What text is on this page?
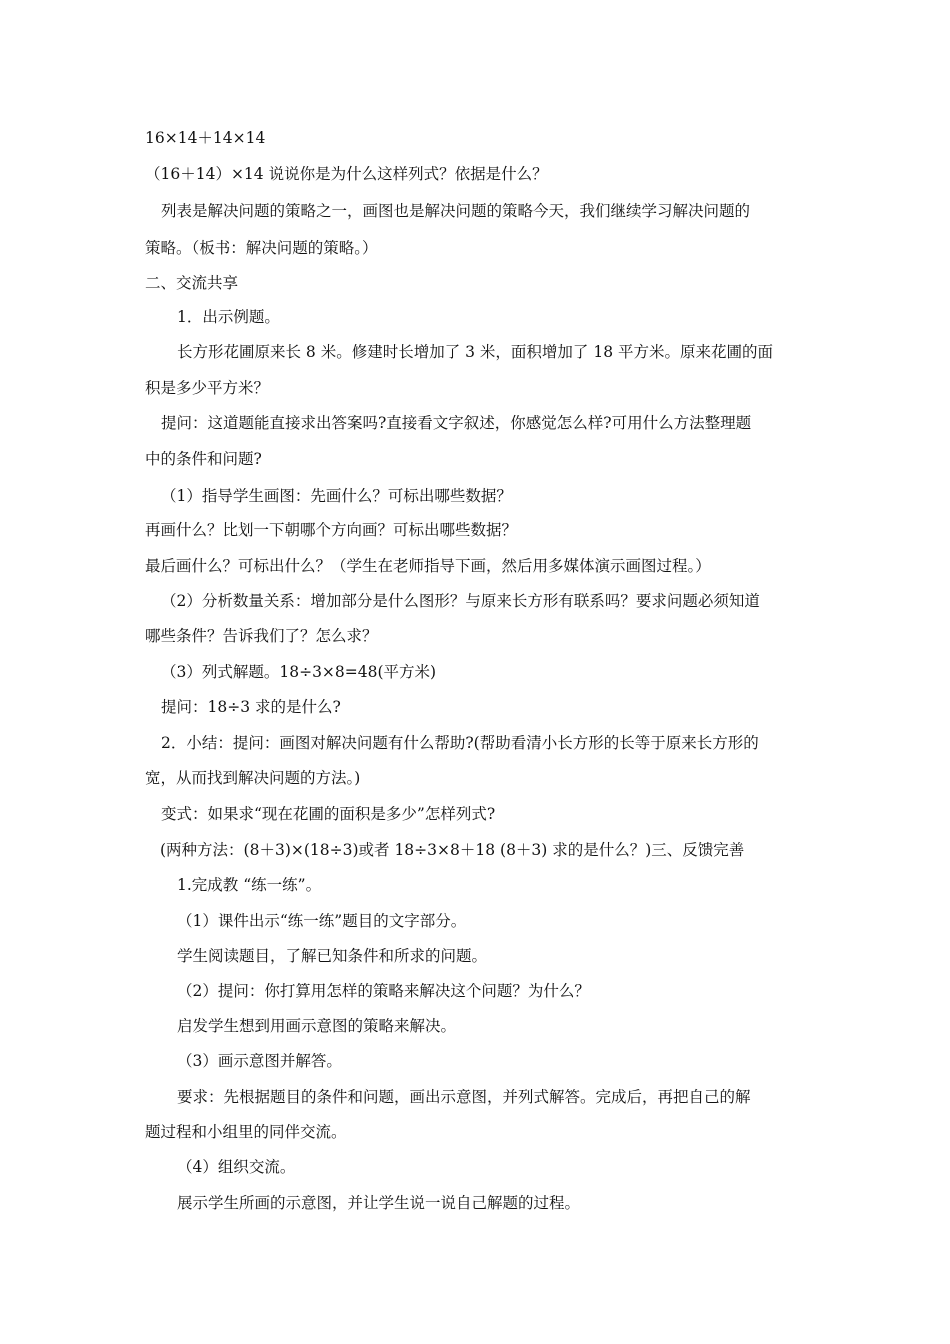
16×14＋14×14
（16＋14）×14 说说你是为什么这样列式？依据是什么？
列表是解决问题的策略之一，画图也是解决问题的策略今天，我们继续学习解决问题的
策略。（板书：解决问题的策略。）
二、交流共享
1．出示例题。
长方形花圃原来长 8 米。修建时长增加了 3 米，面积增加了 18 平方米。原来花圃的面
积是多少平方米？
提问：这道题能直接求出答案吗?直接看文字叙述，你感觉怎么样?可用什么方法整理题
中的条件和问题?
（1）指导学生画图：先画什么？可标出哪些数据？
再画什么？比划一下朝哪个方向画？可标出哪些数据？
最后画什么？可标出什么？（学生在老师指导下画，然后用多媒体演示画图过程。）
（2）分析数量关系：增加部分是什么图形？与原来长方形有联系吗？要求问题必须知道
哪些条件？告诉我们了？怎么求？
（3）列式解题。18÷3×8=48(平方米)
提问：18÷3 求的是什么?
2．小结：提问：画图对解决问题有什么帮助?(帮助看清小长方形的长等于原来长方形的
宽，从而找到解决问题的方法。)
变式：如果求“现在花圃的面积是多少”怎样列式?
(两种方法：(8＋3)×(18÷3)或者 18÷3×8＋18 (8＋3) 求的是什么？)三、反馈完善
1.完成教 “练一练”。
（1）课件出示“练一练”题目的文字部分。
学生阅读题目，了解已知条件和所求的问题。
（2）提问：你打算用怎样的策略来解决这个问题？为什么？
启发学生想到用画示意图的策略来解决。
（3）画示意图并解答。
要求：先根据题目的条件和问题，画出示意图，并列式解答。完成后，再把自己的解
题过程和小组里的同伴交流。
（4）组织交流。
展示学生所画的示意图，并让学生说一说自己解题的过程。
